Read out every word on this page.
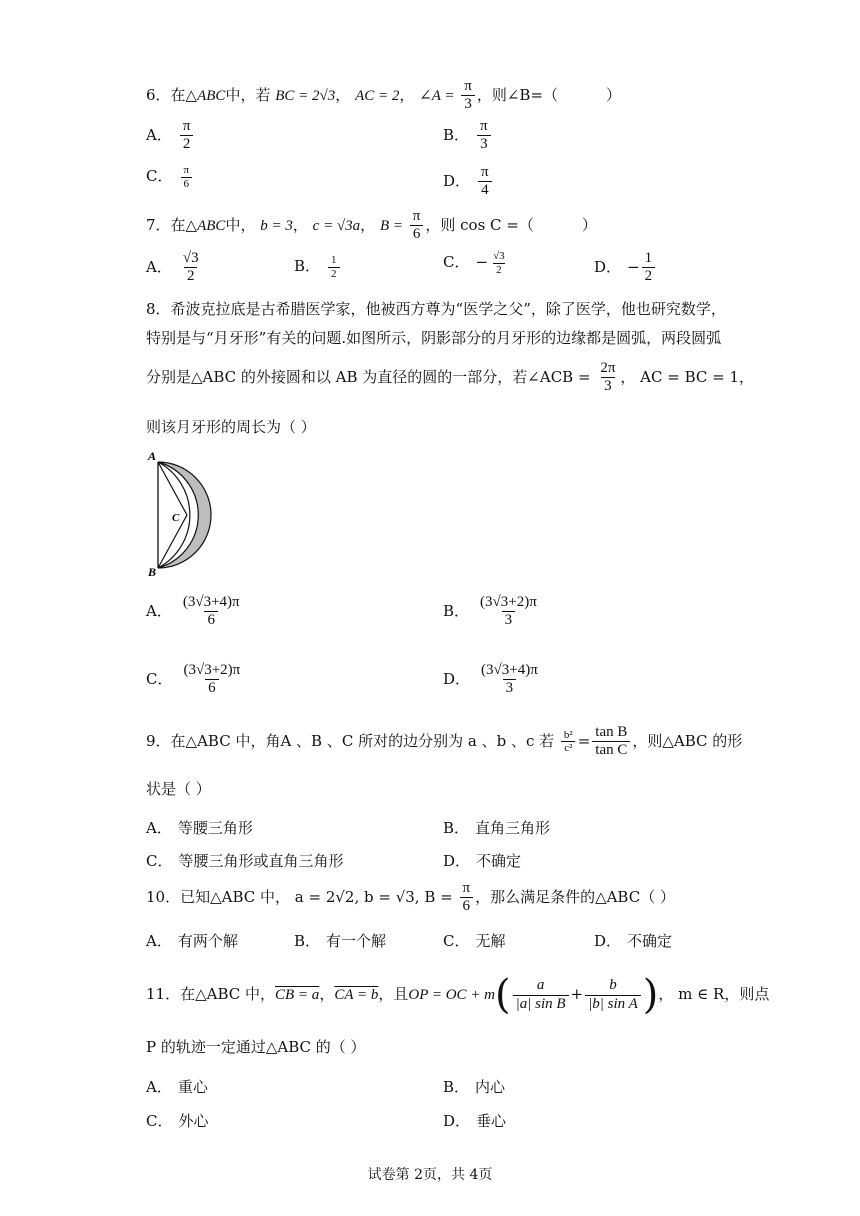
6．在△ABC中，若 BC = 2√3， AC = 2， ∠A = $\frac{\pi}{3}$ ，则∠B=（	）
A． $\frac{\pi}{2}$	B． $\frac{\pi}{3}$
C． $\frac{\pi}{6}$	D． $\frac{\pi}{4}$
7．在△ABC中， b = 3， c = √3a， $B = \frac{\pi}{6}$ ，则 cos C =（	）
A． $\frac{√3}{2}$	B． $\frac{1}{2}$	C． − $\frac{√3}{2}$	D． − $\frac{1}{2}$
8．希波克拉底是古希腊医学家，他被西方尊为“医学之父”，除了医学，他也研究数学，
特别是与“月牙形”有关的问题.如图所示，阴影部分的月牙形的边缘都是圆弧，两段圆弧
分别是△ABC 的外接圆和以 AB 为直径的圆的一部分，若∠ACB = $\frac{2\pi}{3}$ ， AC = BC = 1，
则该月牙形的周长为（ ）
A
B
C
A． $\frac{(3√3+4)\pi}{6}$	B． $\frac{(3√3+2)\pi}{3}$
C． $\frac{(3√3+2)\pi}{6}$	D． $\frac{(3√3+4)\pi}{3}$
9．在△ABC 中，角A 、B 、C 所对的边分别为 a 、b 、c 若 $\frac{\text{b²}}{\text{c²}} = \frac{\text{tan B}}{\text{tan C}}$ ，则△ABC 的形
状是（ ）
A． 等腰三角形	B． 直角三角形
C． 等腰三角形或直角三角形	D． 不确定
10．已知△ABC 中， a = 2√2, b = √3, $B = \frac{\pi}{6}$ ，那么满足条件的△ABC（ ）
A． 有两个解	B． 有一个解	C． 无解	D． 不确定
11．在△ABC 中，CB = a，CA = b，且OP = OC + $m( \frac{a}{\text{|a| sin B}} + \frac{b}{\text{|b| sin A}}$ )， m ∈ R，则点
P 的轨迹一定通过△ABC 的（ ）
A． 重心	B． 内心
C． 外心	D． 垂心
试卷第 2页，共 4页
